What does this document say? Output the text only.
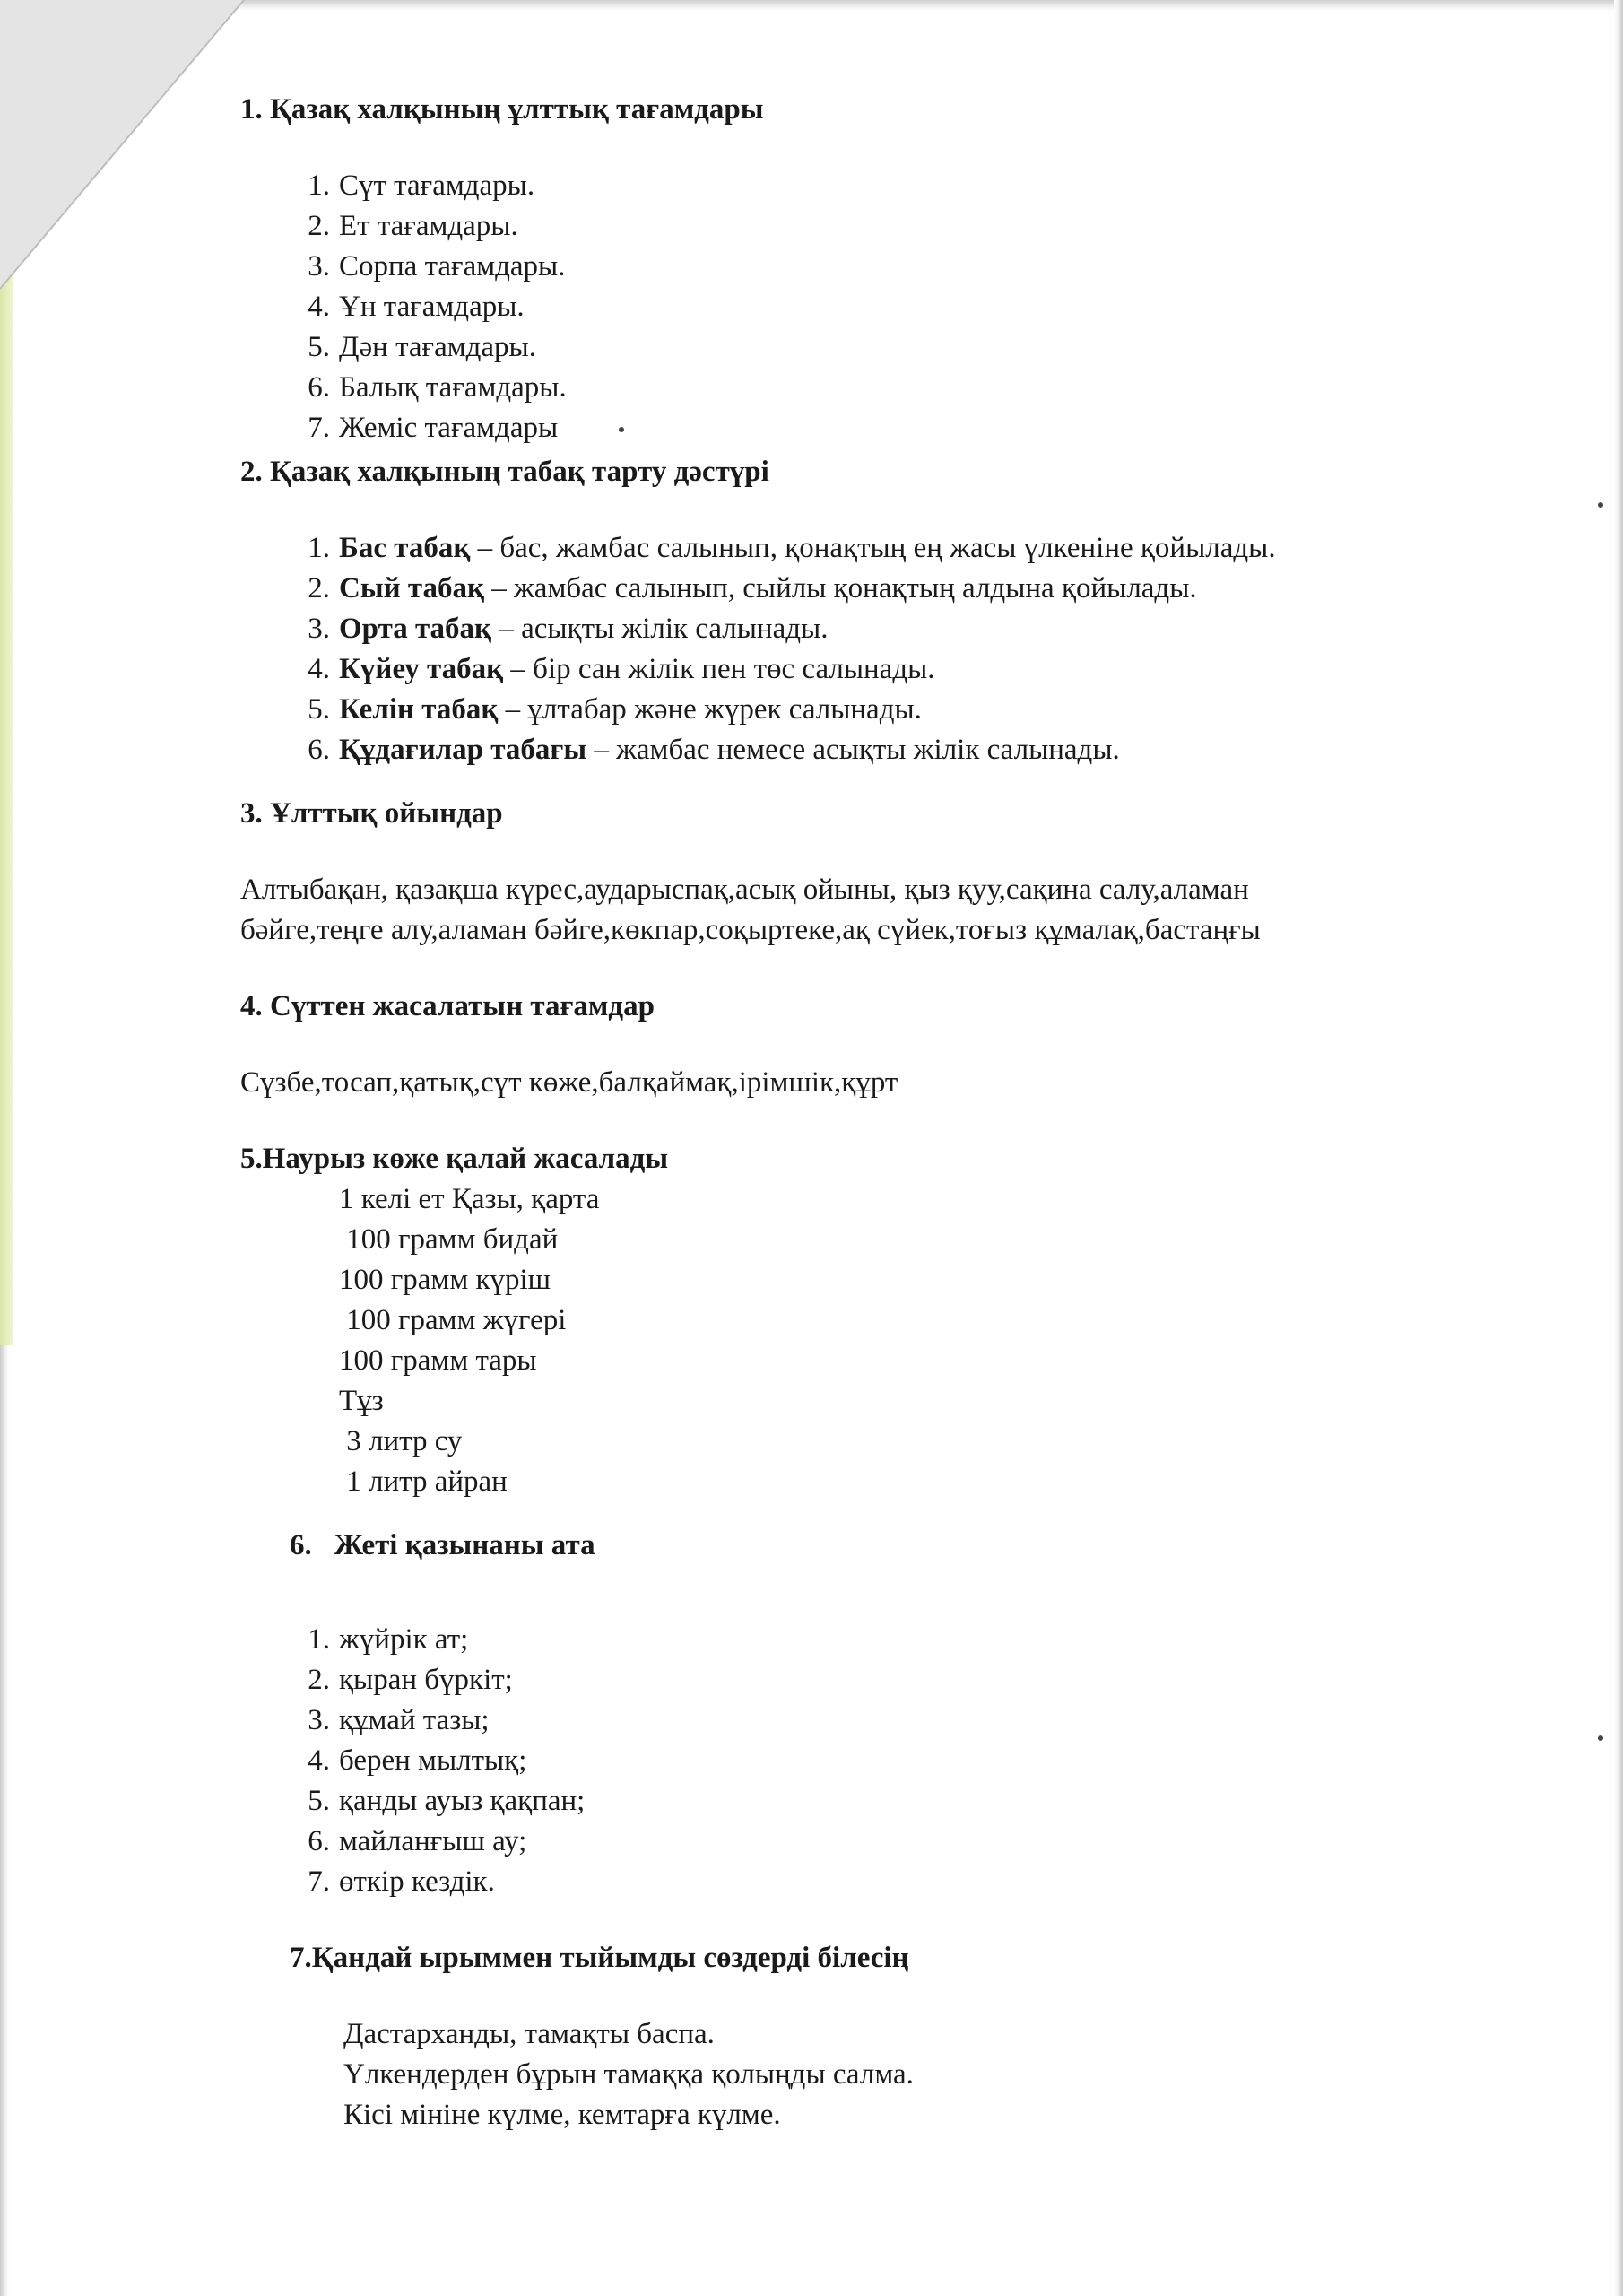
1. Қазақ халқының ұлттық тағамдары

1. Сүт тағамдары.
2. Ет тағамдары.
3. Сорпа тағамдары.
4. Ұн тағамдары.
5. Дән тағамдары.
6. Балық тағамдары.
7. Жеміс тағамдары

2. Қазақ халқының табақ тарту дәстүрі

1. Бас табақ – бас, жамбас салынып, қонақтың ең жасы үлкеніне қойылады.
2. Сый табақ – жамбас салынып, сыйлы қонақтың алдына қойылады.
3. Орта табақ – асықты жілік салынады.
4. Күйеу табақ – бір сан жілік пен төс салынады.
5. Келін табақ – ұлтабар және жүрек салынады.
6. Құдағилар табағы – жамбас немесе асықты жілік салынады.

3. Ұлттық ойындар

Алтыбақан, қазақша күрес,аударыспақ,асық ойыны, қыз қуу,сақина салу,аламан

бәйге,теңге алу,аламан бәйге,көкпар,соқыртеке,ақ сүйек,тоғыз құмалақ,бастаңғы

4. Сүттен жасалатын тағамдар

Сүзбе,тосап,қатық,сүт көже,балқаймақ,ірімшік,құрт

5.Наурыз көже қалай жасалады

1 келі ет Қазы, қарта
100 грамм бидай
100 грамм күріш
100 грамм жүгері
100 грамм тары
Тұз
3 литр су
1 литр айран

6. Жеті қазынаны ата

1. жүйрік ат;
2. қыран бүркіт;
3. құмай тазы;
4. берен мылтық;
5. қанды ауыз қақпан;
6. майланғыш ау;
7. өткір кездік.

7.Қандай ырыммен тыйымды сөздерді білесің

Дастарханды, тамақты баспа.

Үлкендерден бұрын тамаққа қолыңды салма.

Кісі мініне күлме, кемтарға күлме.
